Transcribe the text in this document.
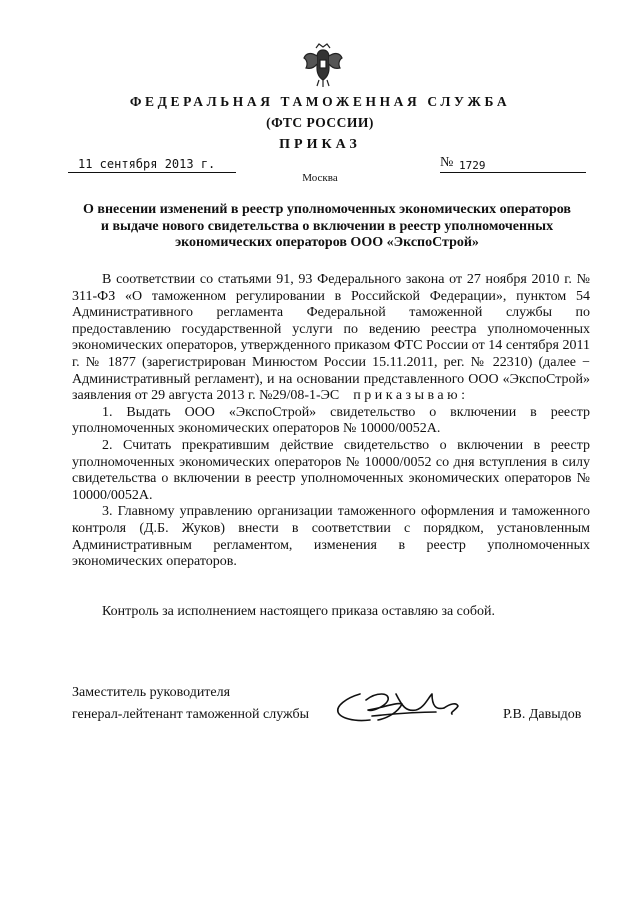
ФЕДЕРАЛЬНАЯ ТАМОЖЕННАЯ СЛУЖБА
(ФТС РОССИИ)
ПРИКАЗ
11 сентября 2013 г.	№ 1729
Москва
О внесении изменений в реестр уполномоченных экономических операторов
и выдаче нового свидетельства о включении в реестр уполномоченных
экономических операторов ООО «ЭкспоСтрой»

В соответствии со статьями 91, 93 Федерального закона от 27 ноября 2010 г. № 311-ФЗ «О таможенном регулировании в Российской Федерации», пунктом 54 Административного регламента Федеральной таможенной службы по предоставлению государственной услуги по ведению реестра уполномоченных экономических операторов, утвержденного приказом ФТС России от 14 сентября 2011 г. № 1877 (зарегистрирован Минюстом России 15.11.2011, рег. № 22310) (далее − Административный регламент), и на основании представленного ООО «ЭкспоСтрой» заявления от 29 августа 2013 г. №29/08-1-ЭС приказываю:

1. Выдать ООО «ЭкспоСтрой» свидетельство о включении в реестр уполномоченных экономических операторов № 10000/0052А.

2. Считать прекратившим действие свидетельство о включении в реестр уполномоченных экономических операторов № 10000/0052 со дня вступления в силу свидетельства о включении в реестр уполномоченных экономических операторов № 10000/0052А.

3. Главному управлению организации таможенного оформления и таможенного контроля (Д.Б. Жуков) внести в соответствии с порядком, установленным Административным регламентом, изменения в реестр уполномоченных экономических операторов.

Контроль за исполнением настоящего приказа оставляю за собой.
Заместитель руководителя
генерал-лейтенант таможенной службы	Р.В. Давыдов
